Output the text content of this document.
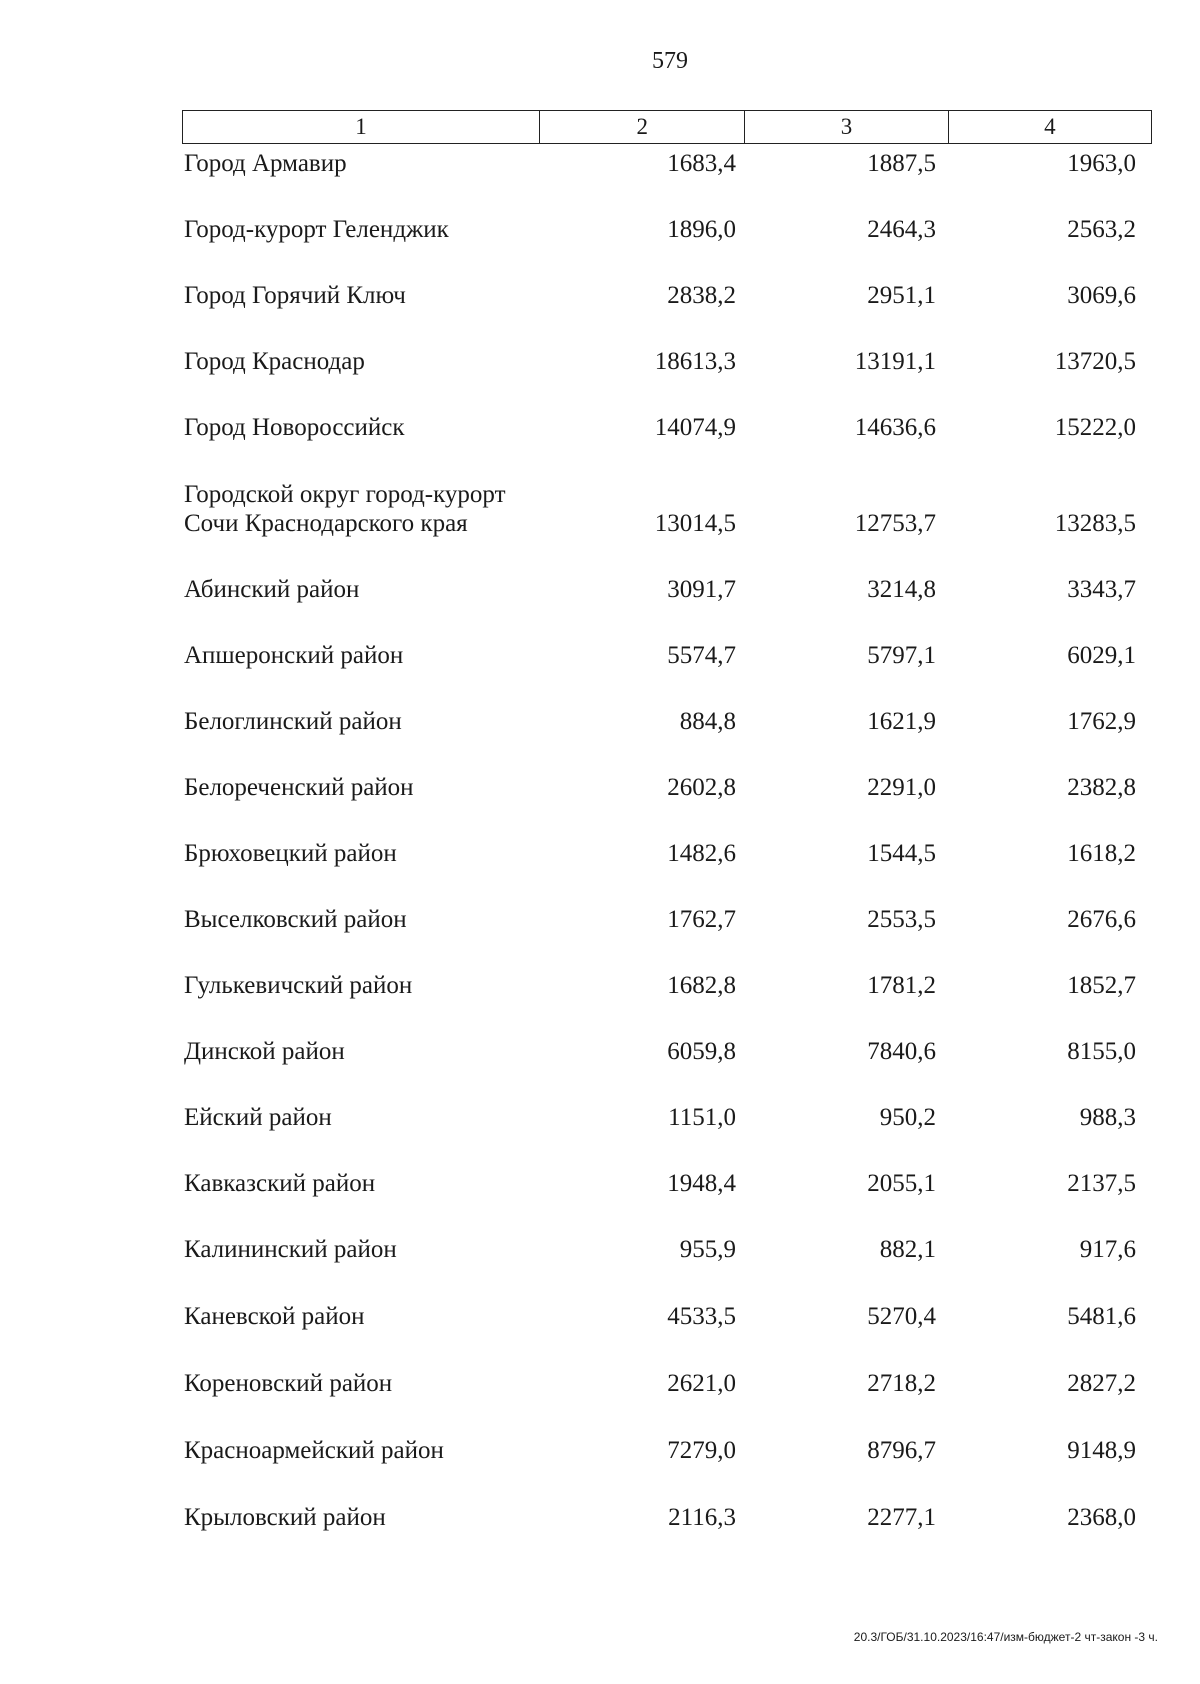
579
1	2	3	4
Город Армавир	1683,4	1887,5	1963,0
Город-курорт Геленджик	1896,0	2464,3	2563,2
Город Горячий Ключ	2838,2	2951,1	3069,6
Город Краснодар	18613,3	13191,1	13720,5
Город Новороссийск	14074,9	14636,6	15222,0
Городской округ город-курорт
Сочи Краснодарского края	13014,5	12753,7	13283,5
Абинский район	3091,7	3214,8	3343,7
Апшеронский район	5574,7	5797,1	6029,1
Белоглинский район	884,8	1621,9	1762,9
Белореченский район	2602,8	2291,0	2382,8
Брюховецкий район	1482,6	1544,5	1618,2
Выселковский район	1762,7	2553,5	2676,6
Гулькевичский район	1682,8	1781,2	1852,7
Динской район	6059,8	7840,6	8155,0
Ейский район	1151,0	950,2	988,3
Кавказский район	1948,4	2055,1	2137,5
Калининский район	955,9	882,1	917,6
Каневской район	4533,5	5270,4	5481,6
Кореновский район	2621,0	2718,2	2827,2
Красноармейский район	7279,0	8796,7	9148,9
Крыловский район	2116,3	2277,1	2368,0
20.3/ГОБ/31.10.2023/16:47/изм-бюджет-2 чт-закон -3 ч.
